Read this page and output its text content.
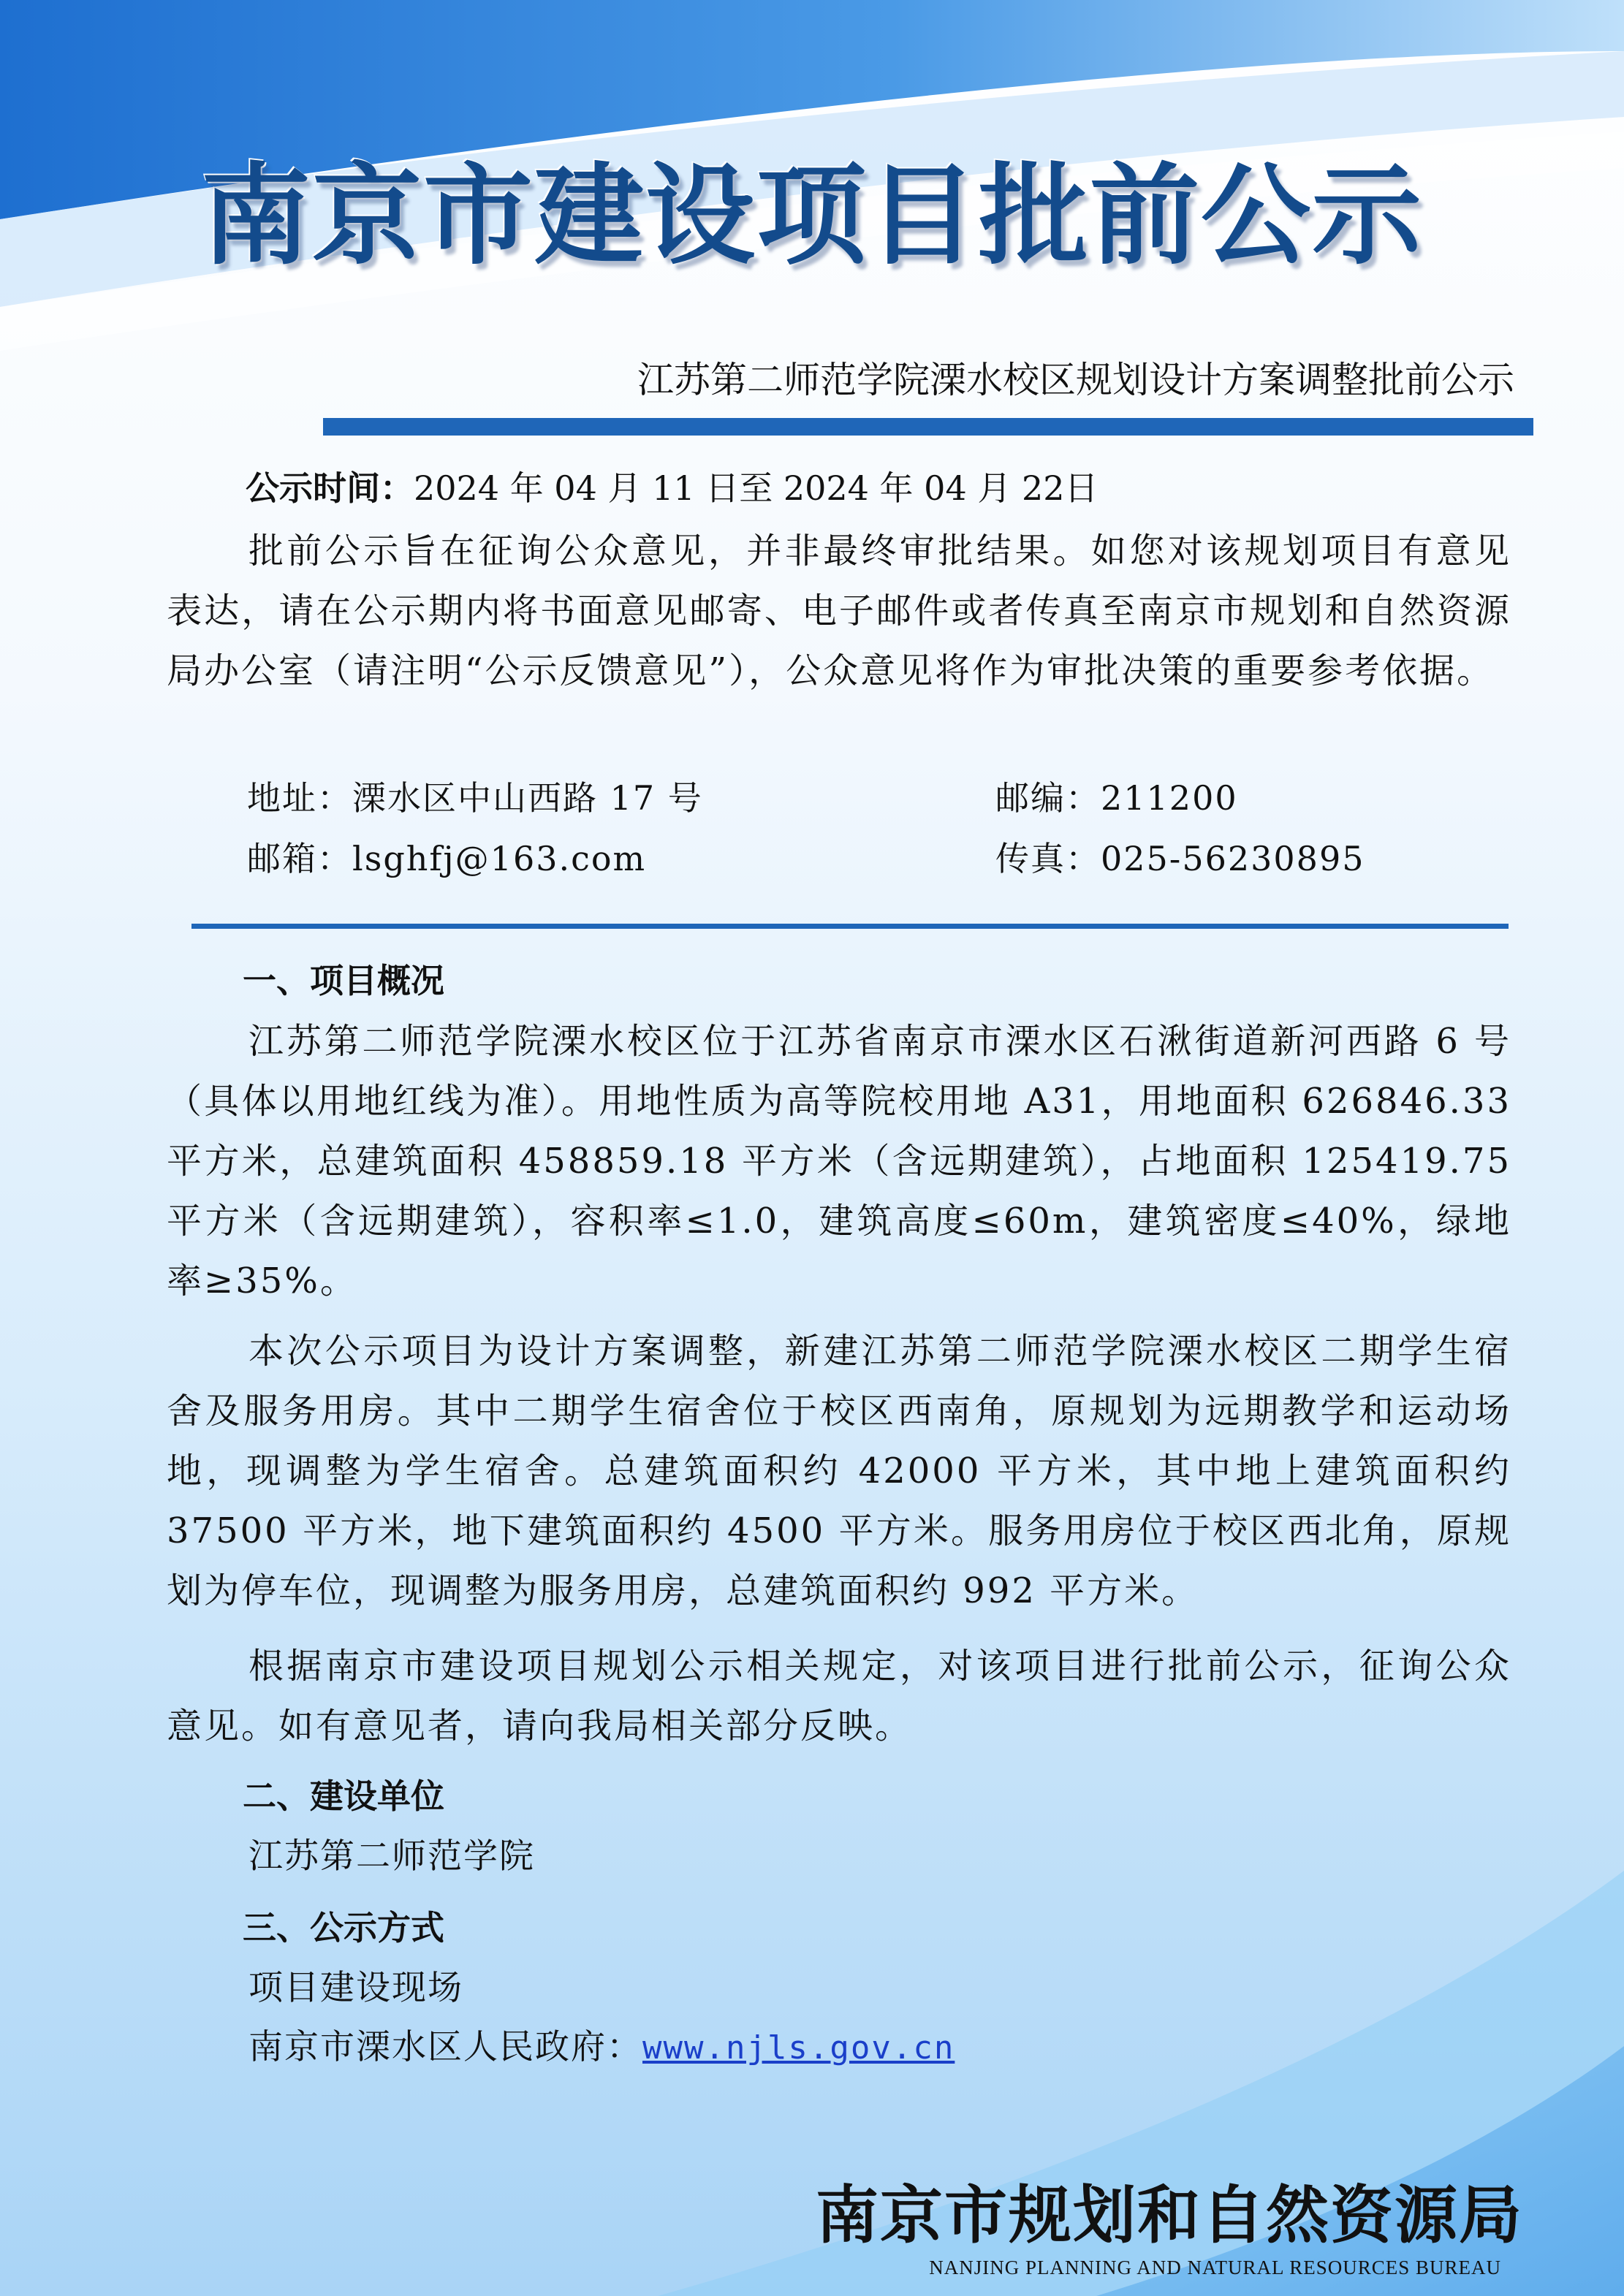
南京市建设项目批前公示
江苏第二师范学院溧水校区规划设计方案调整批前公示
公示时间：2024 年 04 月 11 日至 2024 年 04 月 22日
批前公示旨在征询公众意见，并非最终审批结果。如您对该规划项目有意见表达，请在公示期内将书面意见邮寄、电子邮件或者传真至南京市规划和自然资源局办公室（请注明“公示反馈意见”），公众意见将作为审批决策的重要参考依据。
地址：溧水区中山西路 17 号	邮编：211200
邮箱：lsghfj@163.com	传真：025-56230895
一、项目概况
江苏第二师范学院溧水校区位于江苏省南京市溧水区石湫街道新河西路 6 号（具体以用地红线为准）。用地性质为高等院校用地 A31，用地面积 626846.33 平方米，总建筑面积 458859.18 平方米（含远期建筑），占地面积 125419.75 平方米（含远期建筑），容积率≤1.0，建筑高度≤60m，建筑密度≤40%，绿地率≥35%。
本次公示项目为设计方案调整，新建江苏第二师范学院溧水校区二期学生宿舍及服务用房。其中二期学生宿舍位于校区西南角，原规划为远期教学和运动场地，现调整为学生宿舍。总建筑面积约 42000 平方米，其中地上建筑面积约 37500 平方米，地下建筑面积约 4500 平方米。服务用房位于校区西北角，原规划为停车位，现调整为服务用房，总建筑面积约 992 平方米。
根据南京市建设项目规划公示相关规定，对该项目进行批前公示，征询公众意见。如有意见者，请向我局相关部分反映。
二、建设单位
江苏第二师范学院
三、公示方式
项目建设现场
南京市溧水区人民政府：www.njls.gov.cn
南京市规划和自然资源局
NANJING PLANNING AND NATURAL RESOURCES BUREAU
